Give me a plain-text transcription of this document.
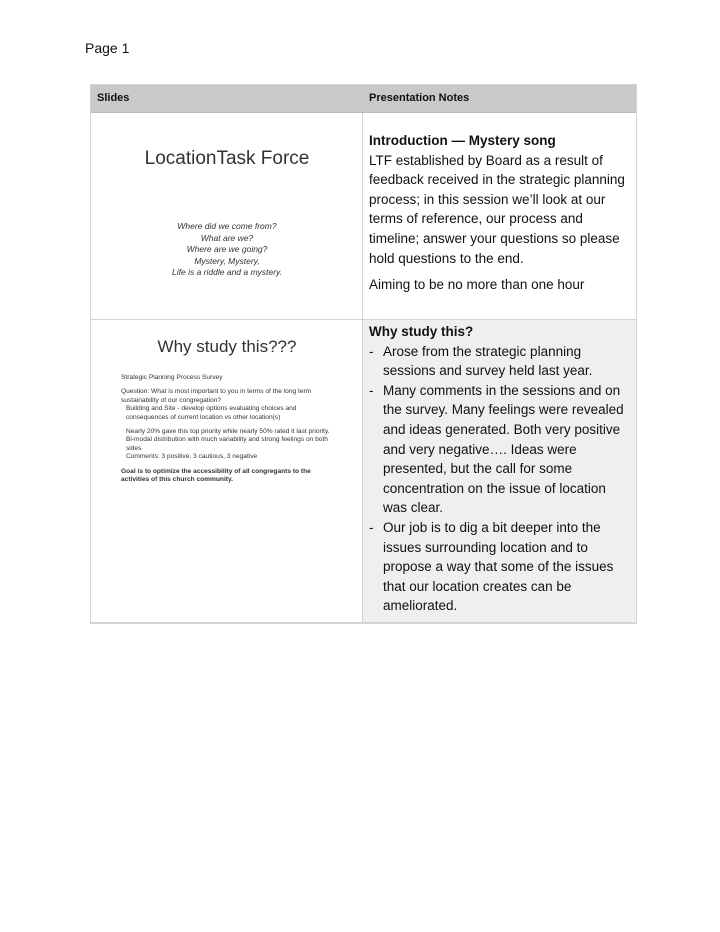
Page 1
Slides	Presentation Notes
LocationTask Force
Where did we come from?
What are we?
Where are we going?
Mystery, Mystery,
Life is a riddle and a mystery.

Introduction — Mystery song

LTF established by Board as a result of feedback received in the strategic planning process; in this session we’ll look at our terms of reference, our process and timeline; answer your questions so please hold questions to the end.

Aiming to be no more than one hour

Why study this???
Strategic Planning Process Survey
Question: What is most important to you in terms of the long term sustainability of our congregation?
Building and Site - develop options evaluating choices and consequences of current location vs other location(s)
Nearly 20% gave this top priority while nearly 50% rated it last priority. Bi-modal distribution with much variability and strong feelings on both sides
Comments: 3 positive, 3 cautious, 3 negative
Goal is to optimize the accessibility of all congregants to the activities of this church community.

Why study this?

- Arose from the strategic planning sessions and survey held last year.
- Many comments in the sessions and on the survey. Many feelings were revealed and ideas generated. Both very positive and very negative…. Ideas were presented, but the call for some concentration on the issue of location was clear.
- Our job is to dig a bit deeper into the issues surrounding location and to propose a way that some of the issues that our location creates can be ameliorated.
